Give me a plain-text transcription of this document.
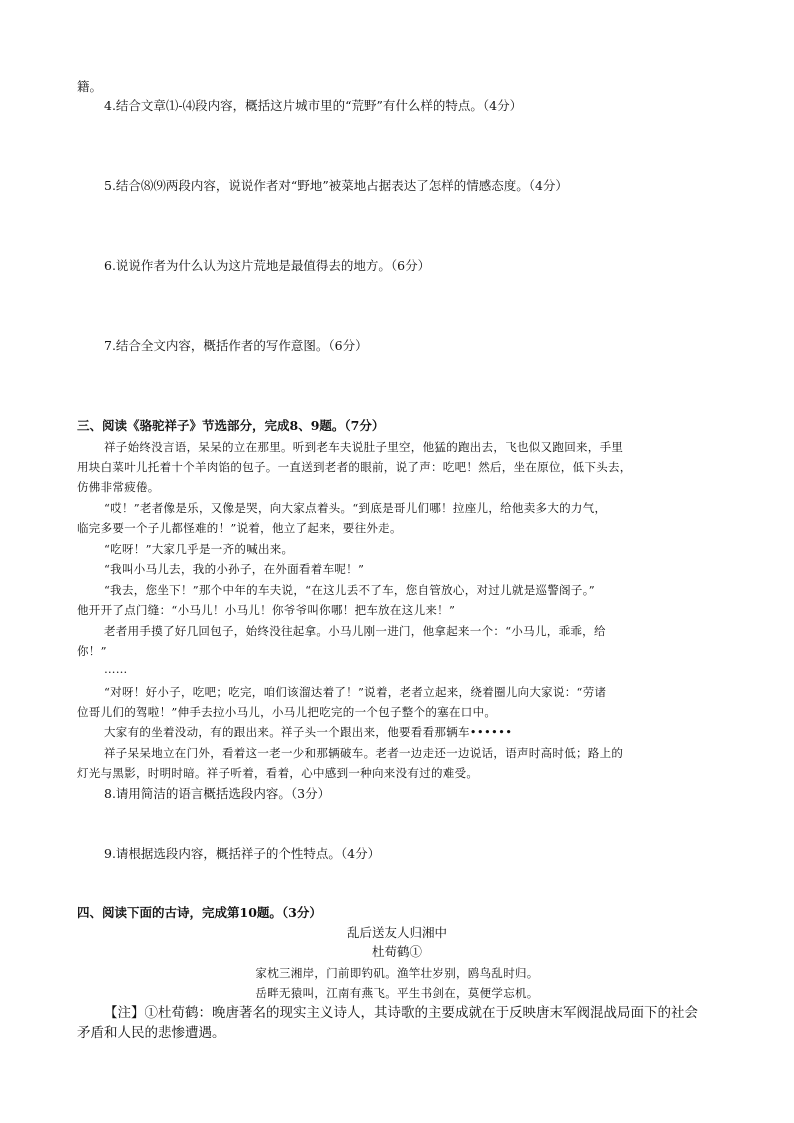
籍。
4.结合文章⑴-⑷段内容，概括这片城市里的“荒野”有什么样的特点。（4分）
5.结合⑻⑼两段内容，说说作者对“野地”被菜地占据表达了怎样的情感态度。（4分）
6.说说作者为什么认为这片荒地是最值得去的地方。（6分）
7.结合全文内容，概括作者的写作意图。（6分）
三、阅读《骆驼祥子》节选部分，完成8、9题。（7分）
祥子始终没言语，呆呆的立在那里。听到老车夫说肚子里空，他猛的跑出去，飞也似又跑回来，手里
用块白菜叶儿托着十个羊肉馅的包子。一直送到老者的眼前，说了声：吃吧！然后，坐在原位，低下头去，
仿佛非常疲倦。
“哎！”老者像是乐，又像是哭，向大家点着头。“到底是哥儿们哪！拉座儿，给他卖多大的力气，
临完多要一个子儿都怪难的！”说着，他立了起来，要往外走。
“吃呀！”大家几乎是一齐的喊出来。
“我叫小马儿去，我的小孙子，在外面看着车呢！”
“我去，您坐下！”那个中年的车夫说，“在这儿丢不了车，您自管放心，对过儿就是巡警阁子。”
他开开了点门缝：“小马儿！小马儿！你爷爷叫你哪！把车放在这儿来！”
老者用手摸了好几回包子，始终没往起拿。小马儿刚一进门，他拿起来一个：“小马儿，乖乖，给
你！”
……
“对呀！好小子，吃吧；吃完，咱们该溜达着了！”说着，老者立起来，绕着圈儿向大家说：“劳诸
位哥儿们的驾啦！”伸手去拉小马儿，小马儿把吃完的一个包子整个的塞在口中。
大家有的坐着没动，有的跟出来。祥子头一个跟出来，他要看看那辆车••••••
祥子呆呆地立在门外，看着这一老一少和那辆破车。老者一边走还一边说话，语声时高时低；路上的
灯光与黑影，时明时暗。祥子听着，看着，心中感到一种向来没有过的难受。
8.请用简洁的语言概括选段内容。（3分）
9.请根据选段内容，概括祥子的个性特点。（4分）
四、阅读下面的古诗，完成第10题。（3分）
乱后送友人归湘中
杜荀鹤①
家枕三湘岸，门前即钓矶。渔竿壮岁别，鸥鸟乱时归。
岳畔无猿叫，江南有燕飞。平生书剑在，莫便学忘机。
【注】①杜荀鹤：晚唐著名的现实主义诗人，其诗歌的主要成就在于反映唐末军阀混战局面下的社会
矛盾和人民的悲惨遭遇。
